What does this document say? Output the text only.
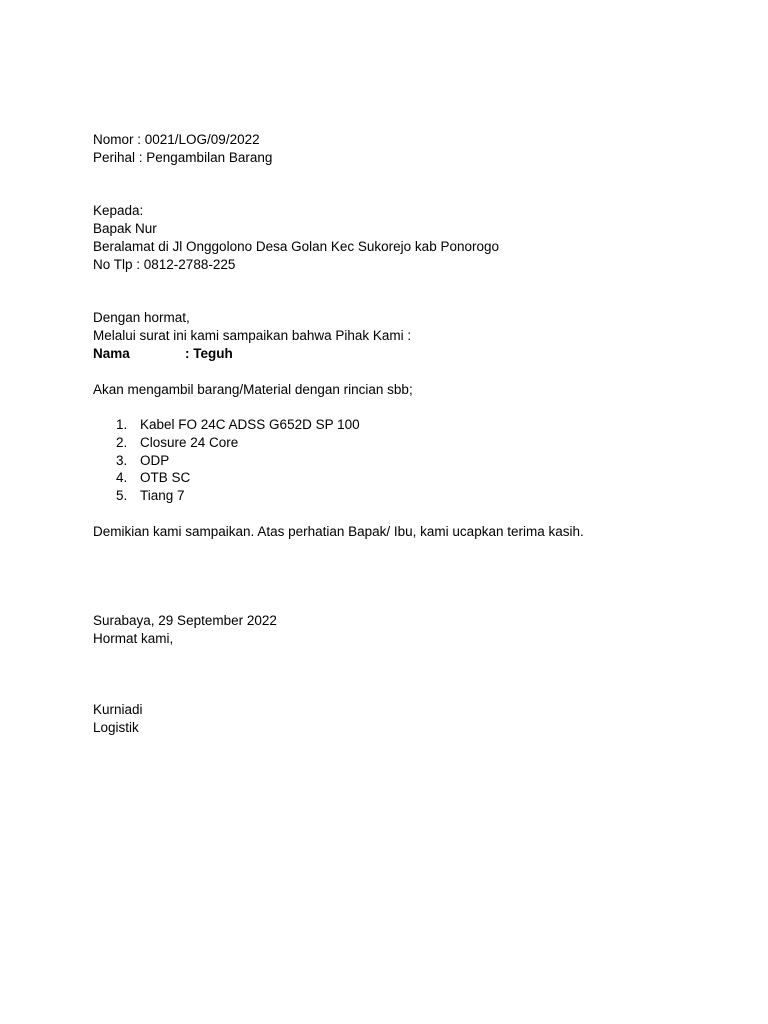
Nomor : 0021/LOG/09/2022
Perihal : Pengambilan Barang
Kepada:
Bapak Nur
Beralamat di Jl Onggolono Desa Golan Kec Sukorejo kab Ponorogo
No Tlp : 0812-2788-225
Dengan hormat,
Melalui surat ini kami sampaikan bahwa Pihak Kami :
Nama	: Teguh
Akan mengambil barang/Material dengan rincian sbb;
1. Kabel FO 24C ADSS G652D SP 100
2. Closure 24 Core
3. ODP
4. OTB SC
5. Tiang 7
Demikian kami sampaikan. Atas perhatian Bapak/ Ibu, kami ucapkan terima kasih.
Surabaya, 29 September 2022
Hormat kami,
Kurniadi
Logistik
